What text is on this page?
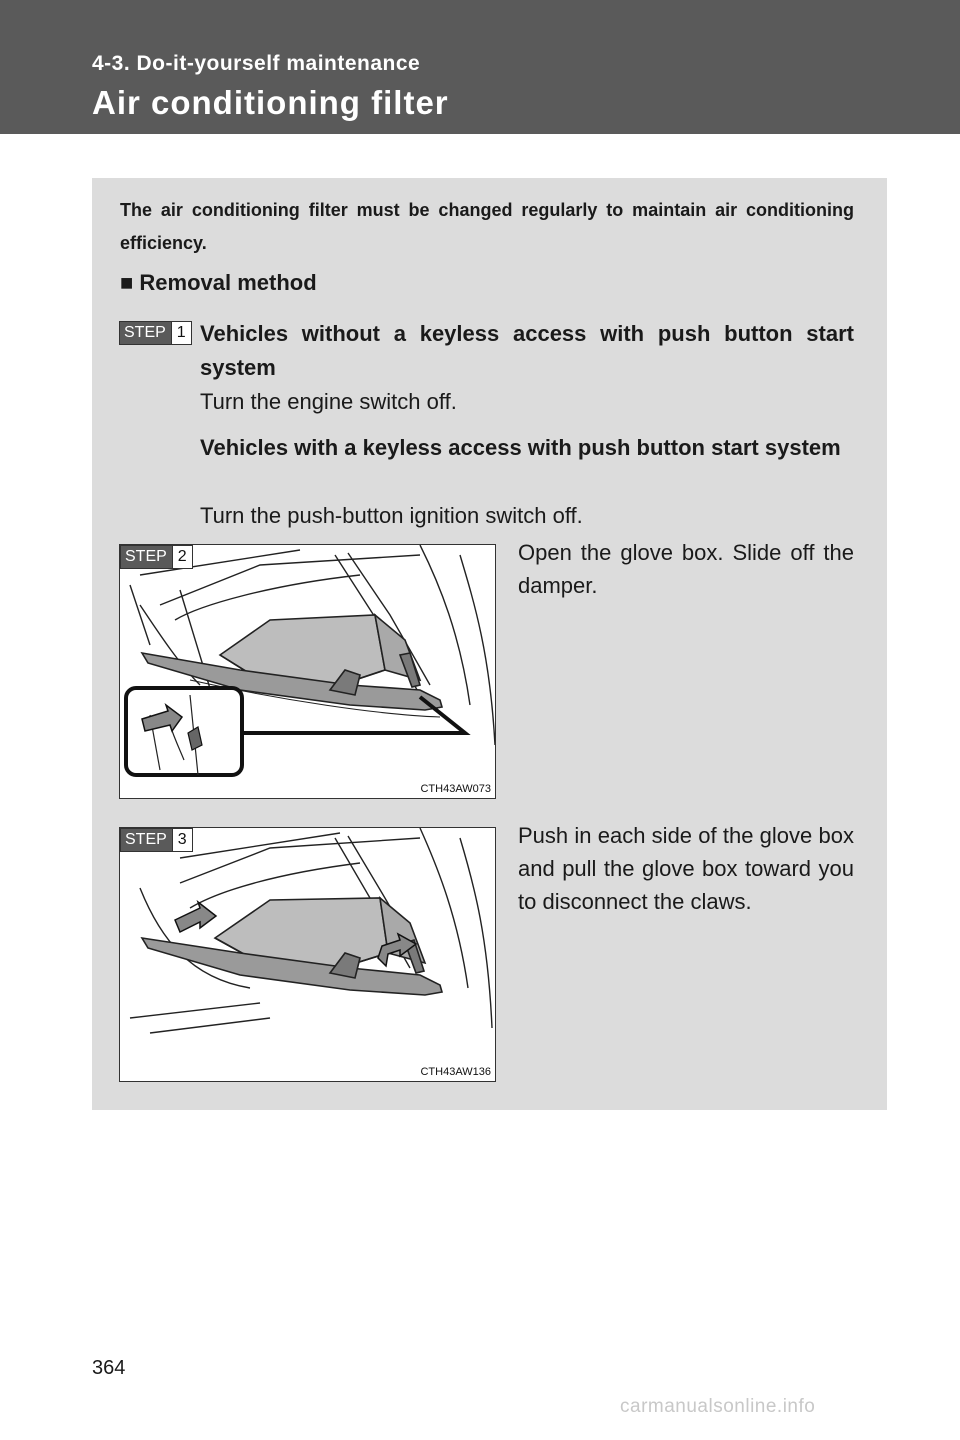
4-3. Do-it-yourself maintenance
Air conditioning filter
The air conditioning filter must be changed regularly to maintain air conditioning efficiency.
■ Removal method
STEP 1 Vehicles without a keyless access with push button start system
Turn the engine switch off.
Vehicles with a keyless access with push button start system
Turn the push-button ignition switch off.
STEP 2
CTH43AW073
Open the glove box. Slide off the damper.
STEP 3
CTH43AW136
Push in each side of the glove box and pull the glove box toward you to disconnect the claws.
364
carmanualsonline.info
